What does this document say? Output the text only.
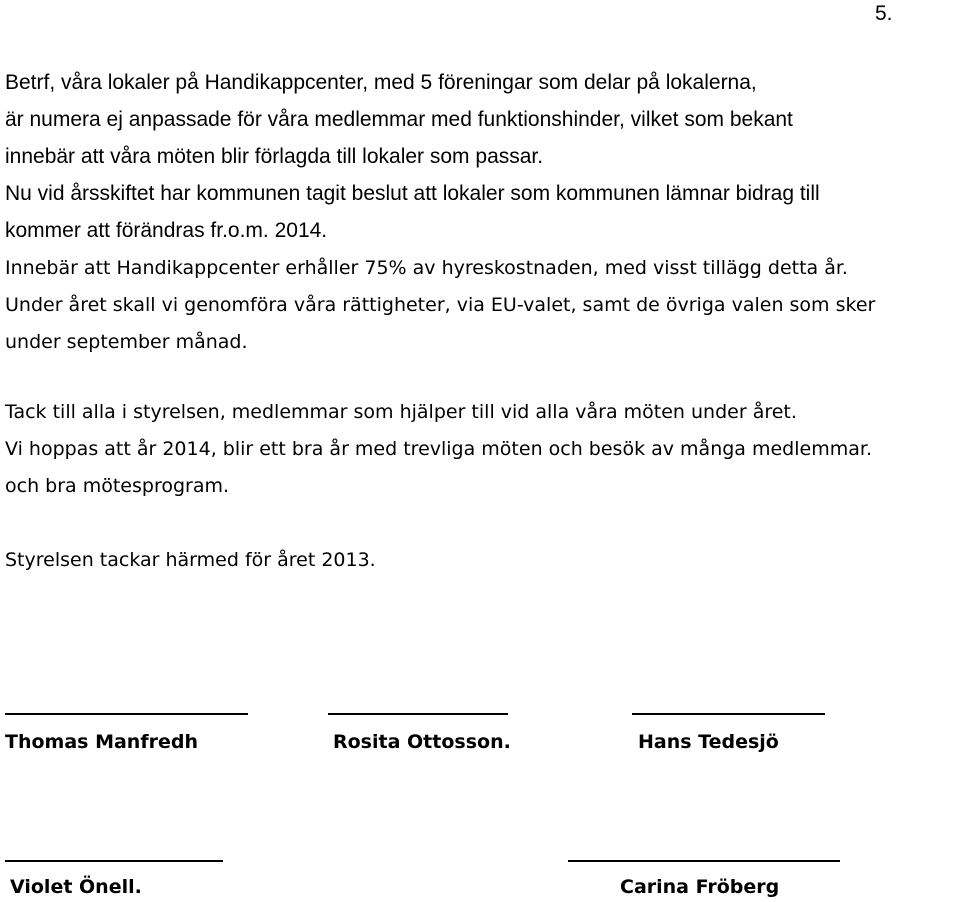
5.
Betrf, våra lokaler på Handikappcenter, med 5 föreningar som delar på lokalerna,
är numera ej anpassade för våra medlemmar med funktionshinder, vilket som bekant
innebär att våra möten blir förlagda till lokaler som passar.
Nu vid årsskiftet har kommunen tagit beslut att lokaler som kommunen lämnar bidrag till
kommer att förändras fr.o.m. 2014.
Innebär att Handikappcenter erhåller 75% av hyreskostnaden, med visst tillägg detta år.
Under året skall vi genomföra våra rättigheter, via EU-valet, samt de övriga valen som sker
under september månad.
Tack till alla i styrelsen, medlemmar som hjälper till vid alla våra möten under året.
Vi hoppas att år 2014, blir ett bra år med trevliga möten och besök av många medlemmar.
och bra mötesprogram.
Styrelsen tackar härmed för året 2013.
Thomas Manfredh	Rosita Ottosson.	Hans Tedesjö
Violet Önell.	Carina Fröberg
